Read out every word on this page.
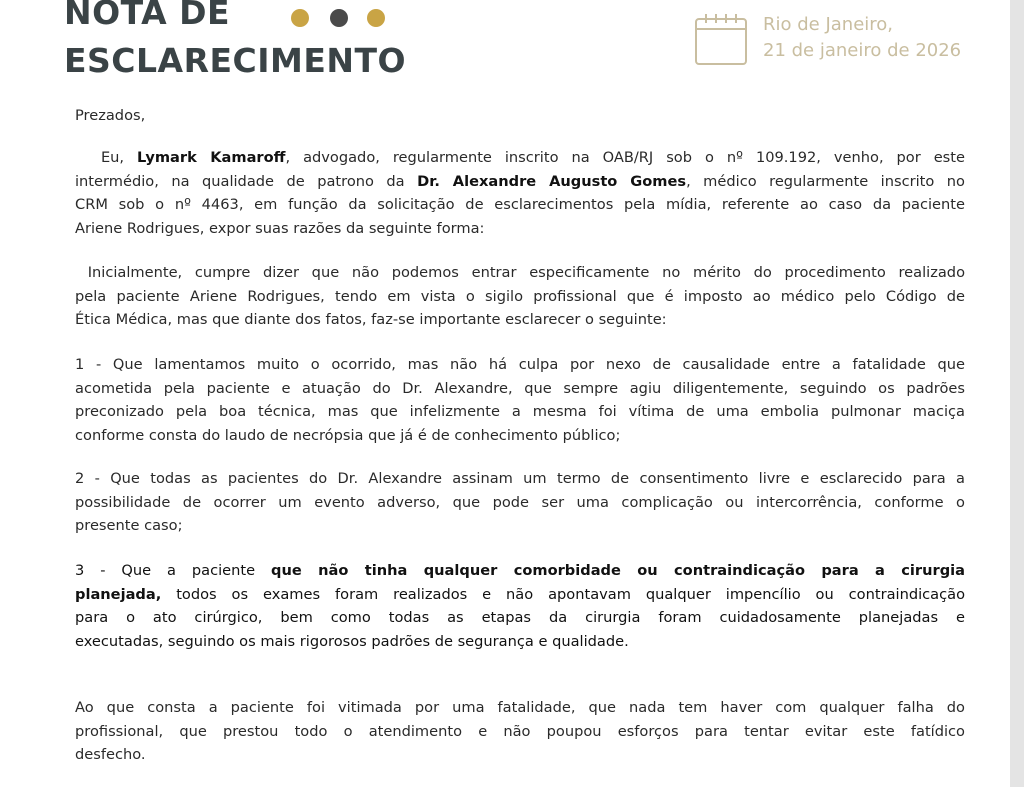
NOTA DE
ESCLARECIMENTO
Rio de Janeiro,
21 de janeiro de 2026
Prezados,
Eu, Lymark Kamaroff, advogado, regularmente inscrito na OAB/RJ sob o nº 109.192, venho, por este
intermédio, na qualidade de patrono da Dr. Alexandre Augusto Gomes, médico regularmente inscrito no
CRM sob o nº 4463, em função da solicitação de esclarecimentos pela mídia, referente ao caso da paciente
Ariene Rodrigues, expor suas razões da seguinte forma:
Inicialmente, cumpre dizer que não podemos entrar especificamente no mérito do procedimento realizado
pela paciente Ariene Rodrigues, tendo em vista o sigilo profissional que é imposto ao médico pelo Código de
Ética Médica, mas que diante dos fatos, faz-se importante esclarecer o seguinte:
1 - Que lamentamos muito o ocorrido, mas não há culpa por nexo de causalidade entre a fatalidade que
acometida pela paciente e atuação do Dr. Alexandre, que sempre agiu diligentemente, seguindo os padrões
preconizado pela boa técnica, mas que infelizmente a mesma foi vítima de uma embolia pulmonar maciça
conforme consta do laudo de necrópsia que já é de conhecimento público;
2 - Que todas as pacientes do Dr. Alexandre assinam um termo de consentimento livre e esclarecido para a
possibilidade de ocorrer um evento adverso, que pode ser uma complicação ou intercorrência, conforme o
presente caso;
3 - Que a paciente que não tinha qualquer comorbidade ou contraindicação para a cirurgia
planejada, todos os exames foram realizados e não apontavam qualquer impencílio ou contraindicação
para o ato cirúrgico, bem como todas as etapas da cirurgia foram cuidadosamente planejadas e
executadas, seguindo os mais rigorosos padrões de segurança e qualidade.
Ao que consta a paciente foi vitimada por uma fatalidade, que nada tem haver com qualquer falha do
profissional, que prestou todo o atendimento e não poupou esforços para tentar evitar este fatídico
desfecho.
